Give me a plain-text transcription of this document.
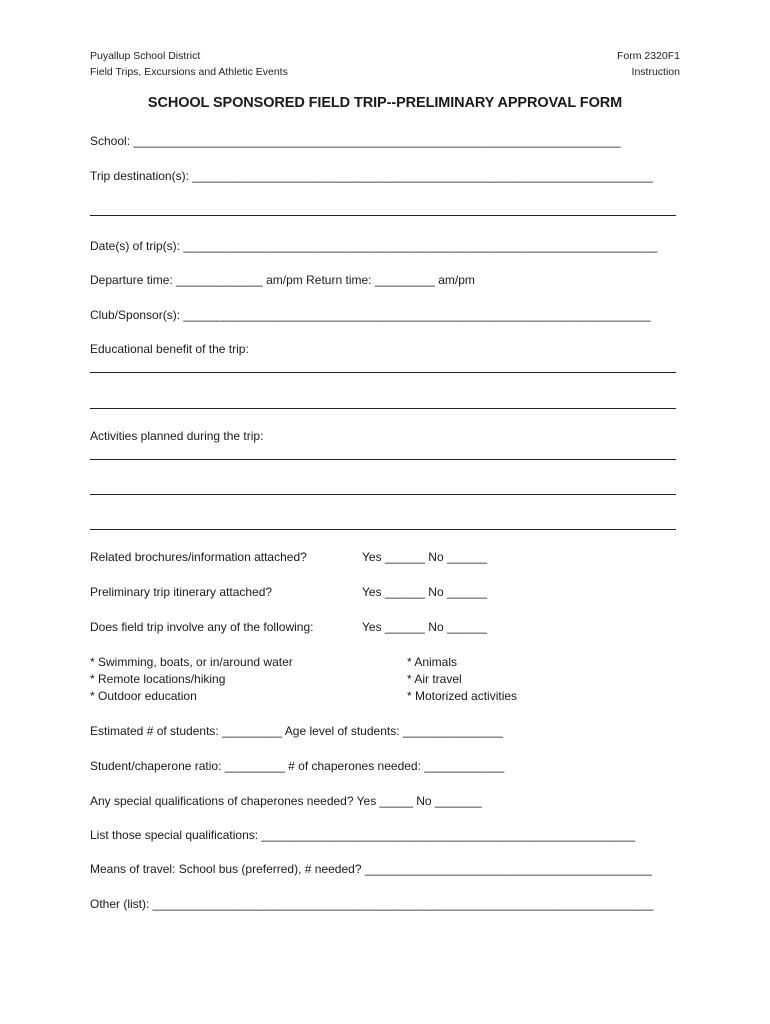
Puyallup School District
Field Trips, Excursions and Athletic Events
Form 2320F1
Instruction
SCHOOL SPONSORED FIELD TRIP--PRELIMINARY APPROVAL FORM
School: _________________________________________________________________________
Trip destination(s): _____________________________________________________________________
Date(s) of trip(s): _______________________________________________________________________
Departure time: _____________ am/pm Return time: _________ am/pm
Club/Sponsor(s): ______________________________________________________________________
Educational benefit of the trip:
Activities planned during the trip:
Related brochures/information attached?	Yes ______ No ______
Preliminary trip itinerary attached?	Yes ______ No ______
Does field trip involve any of the following:	Yes ______ No ______
* Swimming, boats, or in/around water
* Remote locations/hiking
* Outdoor education
* Animals
* Air travel
* Motorized activities
Estimated # of students: _________ Age level of students: _______________
Student/chaperone ratio: _________ # of chaperones needed: ____________
Any special qualifications of chaperones needed? Yes _____ No _______
List those special qualifications: ________________________________________________________
Means of travel: School bus (preferred), # needed? ___________________________________________
Other (list): ___________________________________________________________________________
